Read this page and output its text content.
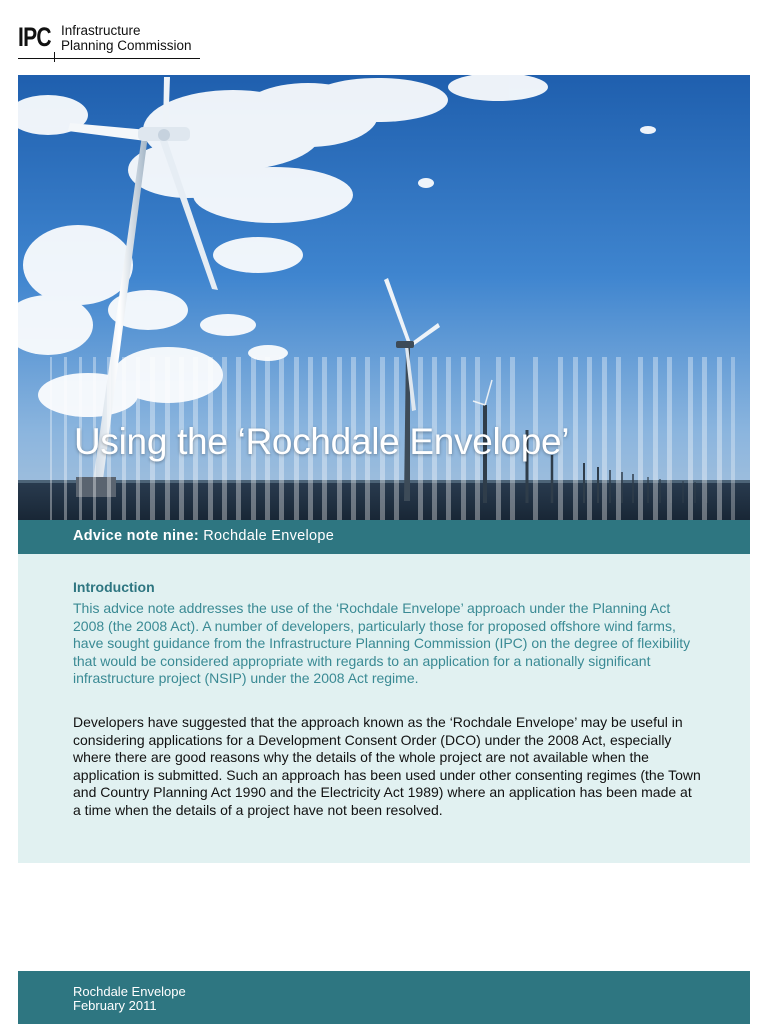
IPC Infrastructure
Planning Commission
Using the ‘Rochdale Envelope’
Advice note nine: Rochdale Envelope
Introduction
This advice note addresses the use of the ‘Rochdale Envelope’ approach under the Planning Act 2008 (the 2008 Act). A number of developers, particularly those for proposed offshore wind farms, have sought guidance from the Infrastructure Planning Commission (IPC) on the degree of flexibility that would be considered appropriate with regards to an application for a nationally significant infrastructure project (NSIP) under the 2008 Act regime.
Developers have suggested that the approach known as the ‘Rochdale Envelope’ may be useful in considering applications for a Development Consent Order (DCO) under the 2008 Act, especially where there are good reasons why the details of the whole project are not available when the application is submitted. Such an approach has been used under other consenting regimes (the Town and Country Planning Act 1990 and the Electricity Act 1989) where an application has been made at a time when the details of a project have not been resolved.
Rochdale Envelope
February 2011
